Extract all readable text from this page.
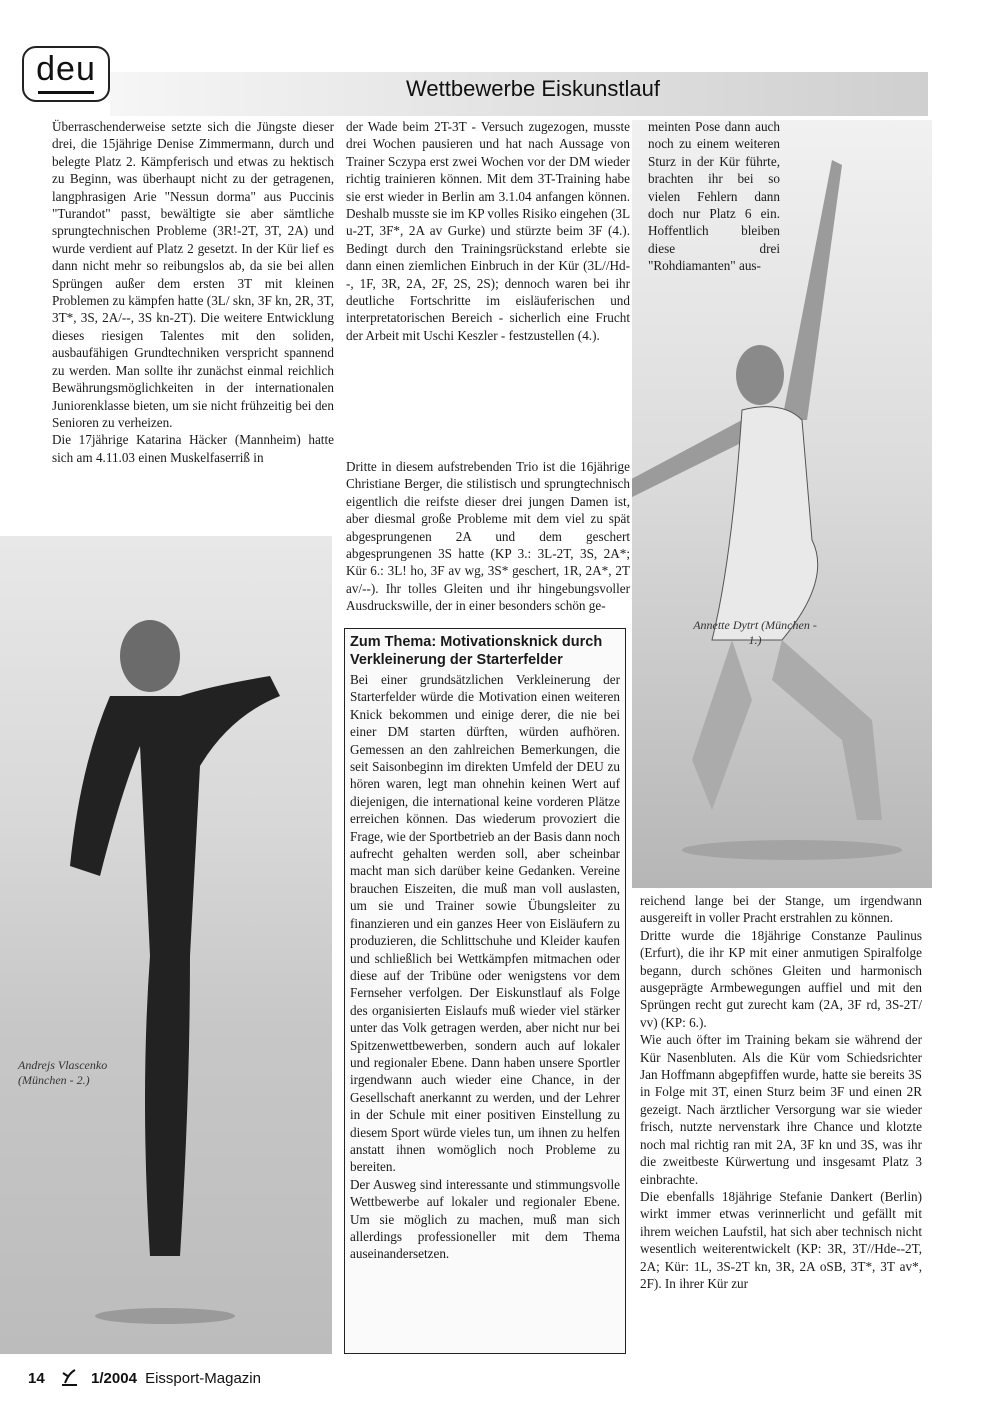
deu
Wettbewerbe Eiskunstlauf

Überraschenderweise setzte sich die Jüngste dieser drei, die 15jährige Denise Zimmermann, durch und belegte Platz 2. Kämpferisch und etwas zu hektisch zu Beginn, was überhaupt nicht zu der getragenen, langphrasigen Arie "Nessun dorma" aus Puccinis "Turandot" passt, bewältigte sie aber sämtliche sprungtechnischen Probleme (3R!-2T, 3T, 2A) und wurde verdient auf Platz 2 gesetzt. In der Kür lief es dann nicht mehr so reibungslos ab, da sie bei allen Sprüngen außer dem ersten 3T mit kleinen Problemen zu kämpfen hatte (3L/ skn, 3F kn, 2R, 3T, 3T*, 3S, 2A/--, 3S kn-2T). Die weitere Entwicklung dieses riesigen Talentes mit den soliden, ausbaufähigen Grundtechniken verspricht spannend zu werden. Man sollte ihr zunächst einmal reichlich Bewährungsmöglichkeiten in der internationalen Juniorenklasse bieten, um sie nicht frühzeitig bei den Senioren zu verheizen.

Die 17jährige Katarina Häcker (Mannheim) hatte sich am 4.11.03 einen Muskelfaserriß in

der Wade beim 2T-3T - Versuch zugezogen, musste drei Wochen pausieren und hat nach Aussage von Trainer Sczypa erst zwei Wochen vor der DM wieder richtig trainieren können. Mit dem 3T-Training habe sie erst wieder in Berlin am 3.1.04 anfangen können. Deshalb musste sie im KP volles Risiko eingehen (3L u-2T, 3F*, 2A av Gurke) und stürzte beim 3F (4.). Bedingt durch den Trainingsrückstand erlebte sie dann einen ziemlichen Einbruch in der Kür (3L//Hd--, 1F, 3R, 2A, 2F, 2S, 2S); dennoch waren bei ihr deutliche Fortschritte im eisläuferischen und interpretatorischen Bereich - sicherlich eine Frucht der Arbeit mit Uschi Keszler - festzustellen (4.).

Dritte in diesem aufstrebenden Trio ist die 16jährige Christiane Berger, die stilistisch und sprungtechnisch eigentlich die reifste dieser drei jungen Damen ist, aber diesmal große Probleme mit dem viel zu spät abgesprungenen 2A und dem geschert abgesprungenen 3S hatte (KP 3.: 3L-2T, 3S, 2A*; Kür 6.: 3L! ho, 3F av wg, 3S* geschert, 1R, 2A*, 2T av/--). Ihr tolles Gleiten und ihr hingebungsvoller Ausdruckswille, der in einer besonders schön ge-

meinten Pose dann auch noch zu einem weiteren Sturz in der Kür führte, brachten ihr bei so vielen Fehlern dann doch nur Platz 6 ein. Hoffentlich bleiben diese drei "Rohdiamanten" aus-

reichend lange bei der Stange, um irgendwann ausgereift in voller Pracht erstrahlen zu können.

Dritte wurde die 18jährige Constanze Paulinus (Erfurt), die ihr KP mit einer anmutigen Spiralfolge begann, durch schönes Gleiten und harmonisch ausgeprägte Armbewegungen auffiel und mit den Sprüngen recht gut zurecht kam (2A, 3F rd, 3S-2T/ vv) (KP: 6.).

Wie auch öfter im Training bekam sie während der Kür Nasenbluten. Als die Kür vom Schiedsrichter Jan Hoffmann abgepfiffen wurde, hatte sie bereits 3S in Folge mit 3T, einen Sturz beim 3F und einen 2R gezeigt. Nach ärztlicher Versorgung war sie wieder frisch, nutzte nervenstark ihre Chance und klotzte noch mal richtig ran mit 2A, 3F kn und 3S, was ihr die zweitbeste Kürwertung und insgesamt Platz 3 einbrachte.

Die ebenfalls 18jährige Stefanie Dankert (Berlin) wirkt immer etwas verinnerlicht und gefällt mit ihrem weichen Laufstil, hat sich aber technisch nicht wesentlich weiterentwickelt (KP: 3R, 3T//Hde--2T, 2A; Kür: 1L, 3S-2T kn, 3R, 2A oSB, 3T*, 3T av*, 2F). In ihrer Kür zur

Zum Thema: Motivationsknick durch Verkleinerung der Starterfelder
Bei einer grundsätzlichen Verkleinerung der Starterfelder würde die Motivation einen weiteren Knick bekommen und einige derer, die nie bei einer DM starten dürften, würden aufhören. Gemessen an den zahlreichen Bemerkungen, die seit Saisonbeginn im direkten Umfeld der DEU zu hören waren, legt man ohnehin keinen Wert auf diejenigen, die international keine vorderen Plätze erreichen können. Das wiederum provoziert die Frage, wie der Sportbetrieb an der Basis dann noch aufrecht gehalten werden soll, aber scheinbar macht man sich darüber keine Gedanken. Vereine brauchen Eiszeiten, die muß man voll auslasten, um sie und Trainer sowie Übungsleiter zu finanzieren und ein ganzes Heer von Eisläufern zu produzieren, die Schlittschuhe und Kleider kaufen und schließlich bei Wettkämpfen mitmachen oder diese auf der Tribüne oder wenigstens vor dem Fernseher verfolgen. Der Eiskunstlauf als Folge des organisierten Eislaufs muß wieder viel stärker unter das Volk getragen werden, aber nicht nur bei Spitzenwettbewerben, sondern auch auf lokaler und regionaler Ebene. Dann haben unsere Sportler irgendwann auch wieder eine Chance, in der Gesellschaft anerkannt zu werden, und der Lehrer in der Schule mit einer positiven Einstellung zu diesem Sport würde vieles tun, um ihnen zu helfen anstatt ihnen womöglich noch Probleme zu bereiten.
Der Ausweg sind interessante und stimmungsvolle Wettbewerbe auf lokaler und regionaler Ebene. Um sie möglich zu machen, muß man sich allerdings professioneller mit dem Thema auseinandersetzen.
Andrejs Vlascenko (München - 2.)
Annette Dytrt (München - 1.)
14	1/2004 Eissport-Magazin
